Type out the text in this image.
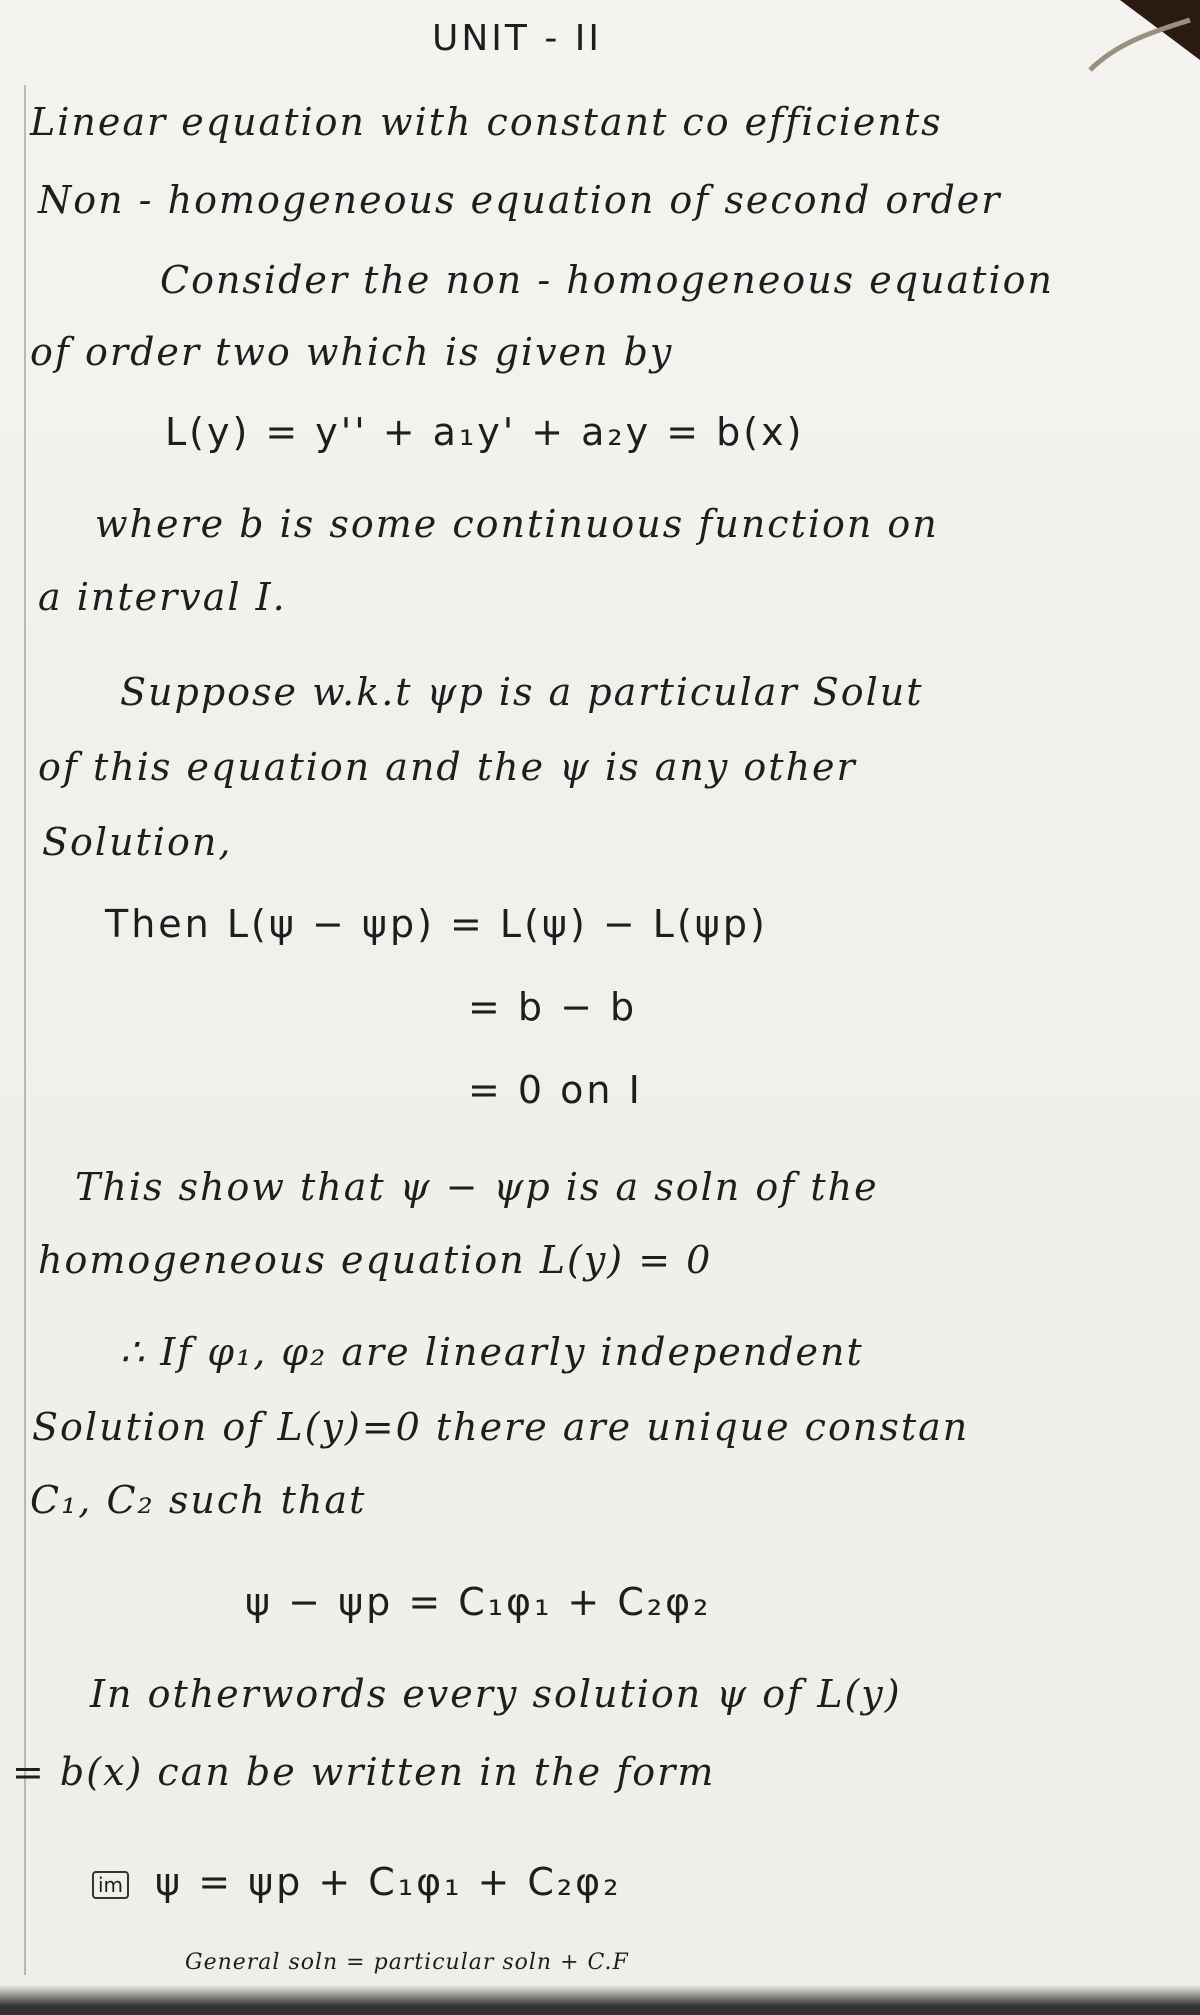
UNIT - II
Linear equation with constant co efficients
Non - homogeneous equation of second order
Consider the non - homogeneous equation
of order two which is given by
L(y) = y'' + a₁y' + a₂y = b(x)
where b is some continuous function on
a interval I.
Suppose w.k.t ψp is a particular Solut
of this equation and the ψ is any other
Solution,
Then L(ψ − ψp) = L(ψ) − L(ψp)
= b − b
= 0 on I
This show that ψ − ψp is a soln of the
homogeneous equation L(y) = 0
∴ If φ₁, φ₂ are linearly independent
Solution of L(y)=0 there are unique constan
C₁, C₂ such that
ψ − ψp = C₁φ₁ + C₂φ₂
In otherwords every solution ψ of L(y)
= b(x) can be written in the form
im ψ = ψp + C₁φ₁ + C₂φ₂
General soln = particular soln + C.F
